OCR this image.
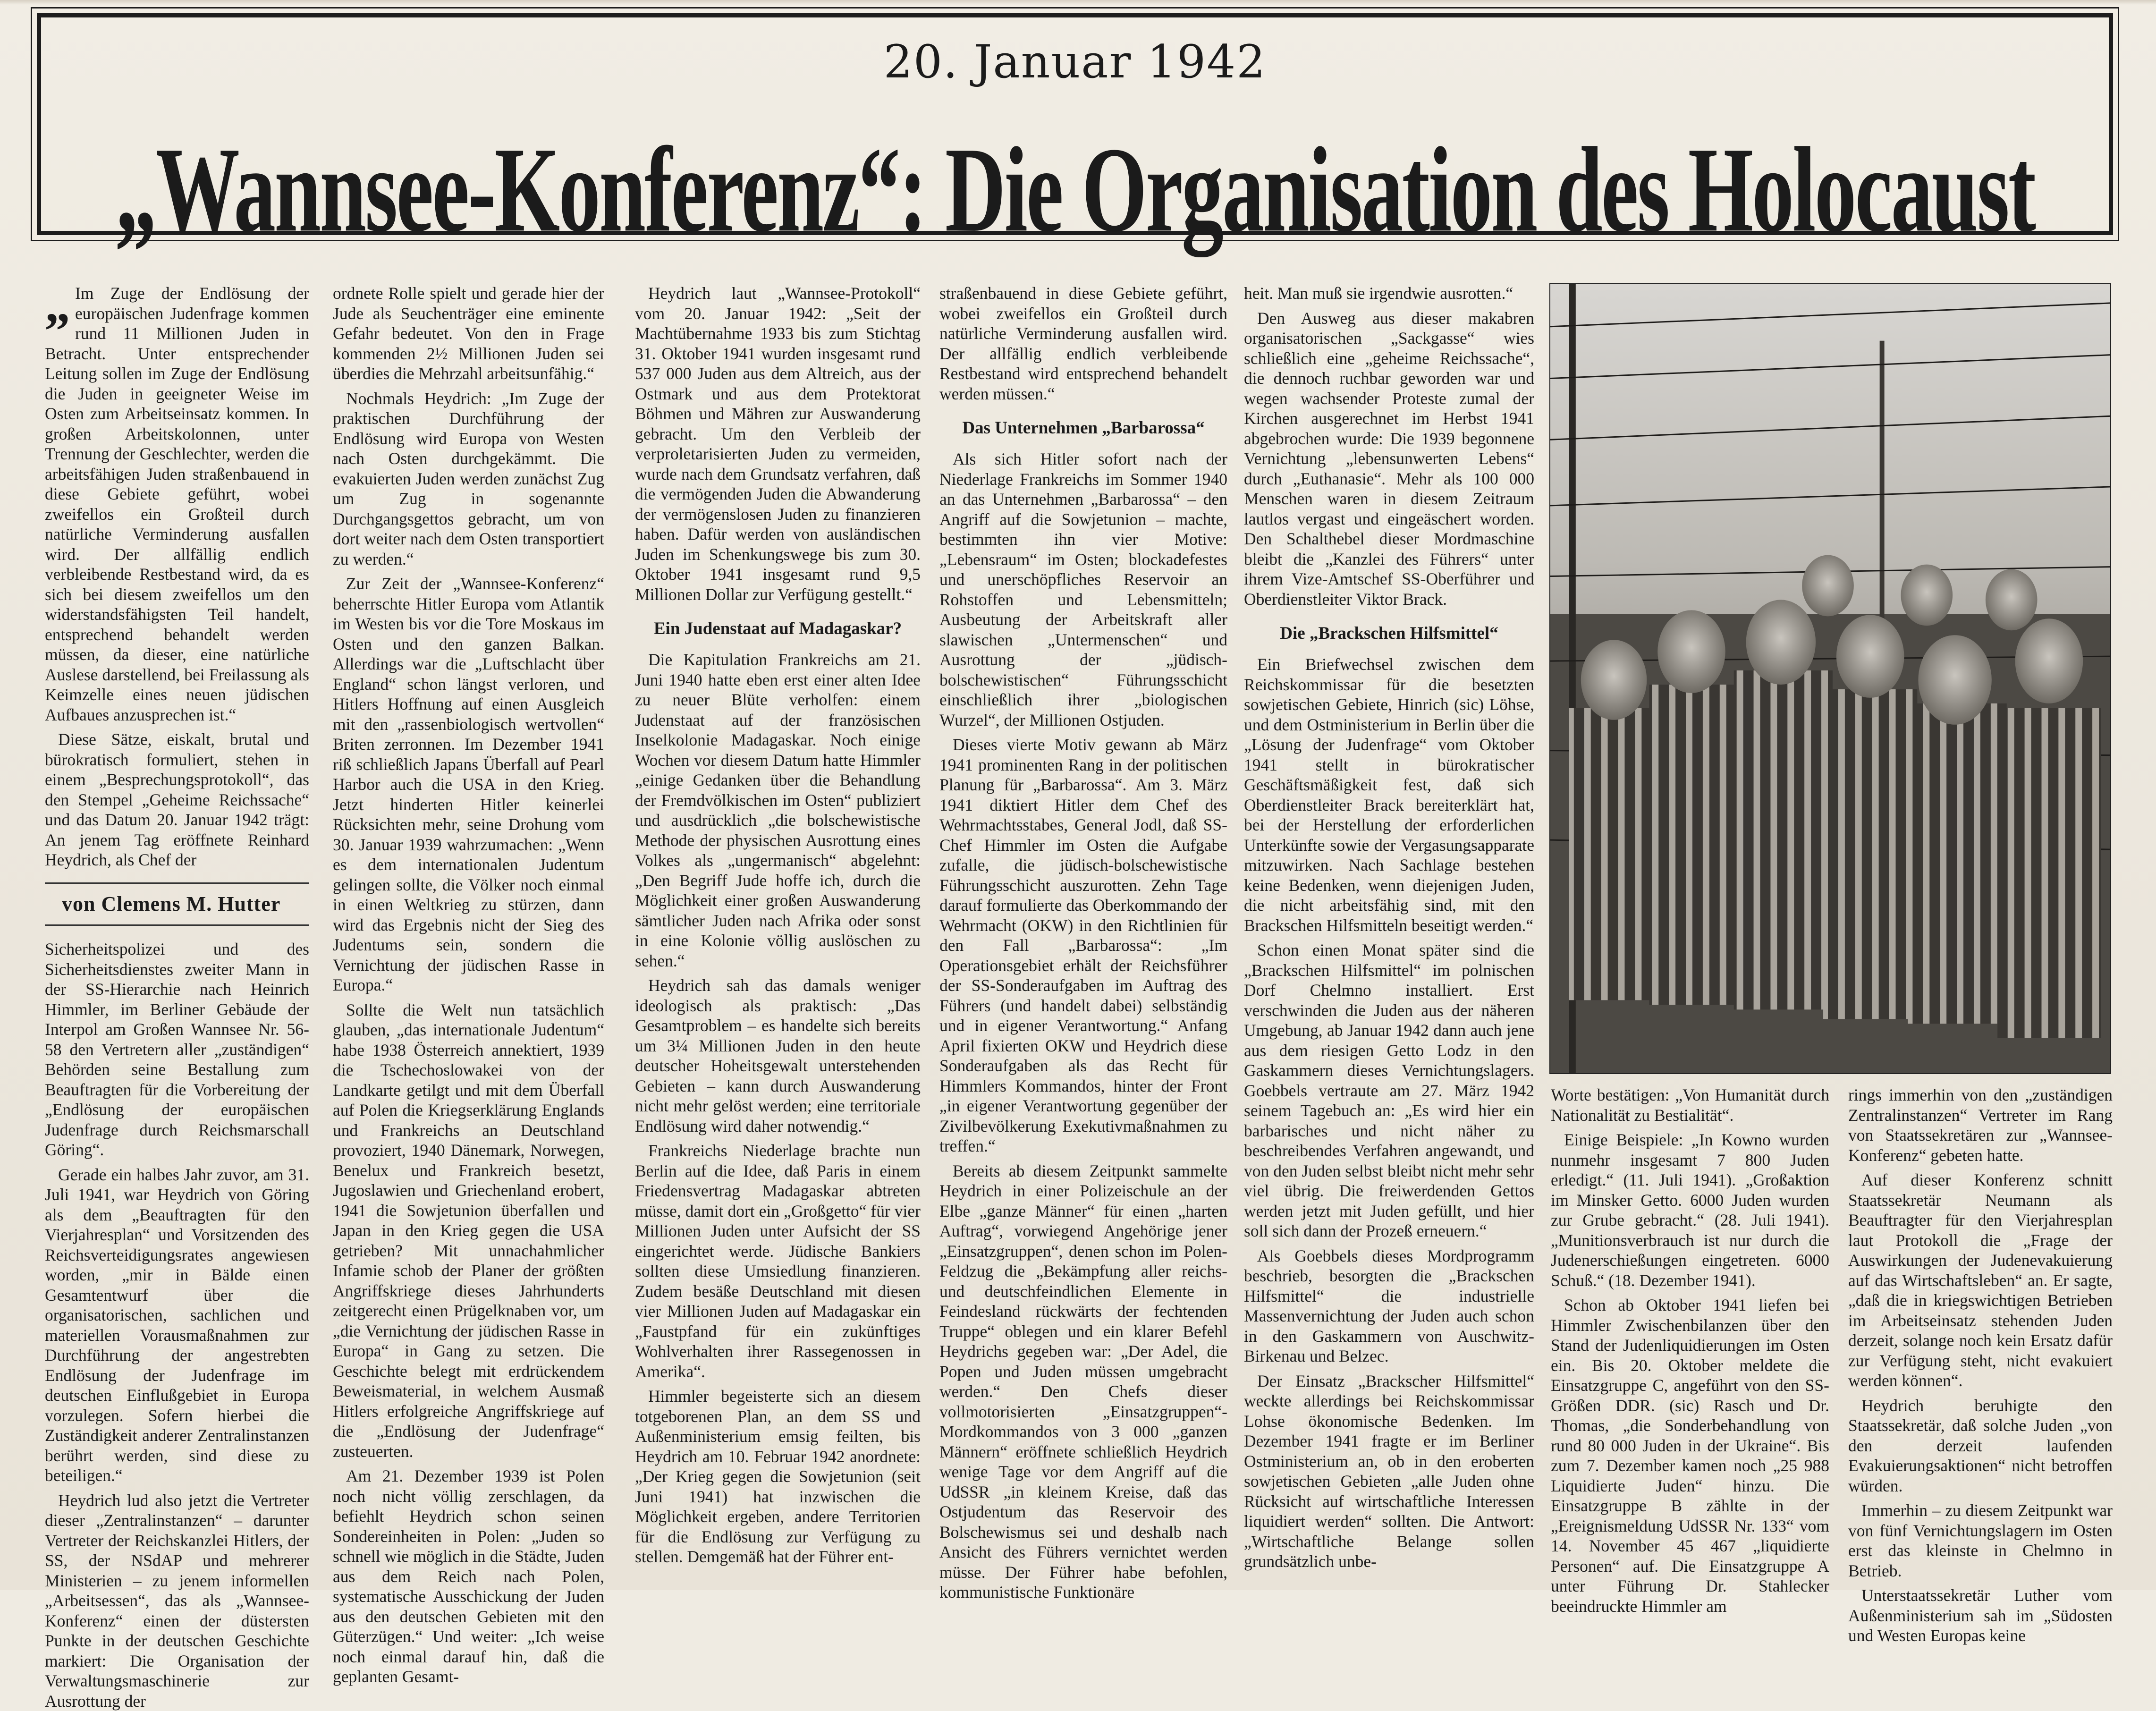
20. Januar 1942
„Wannsee-Konferenz“: Die Organisation des Holocaust

„ Im Zuge der Endlösung der europäischen Judenfrage kommen rund 11 Millionen Juden in Betracht. Unter entsprechender Leitung sollen im Zuge der Endlösung die Juden in geeigneter Weise im Osten zum Arbeitseinsatz kommen. In großen Arbeitskolonnen, unter Trennung der Geschlechter, werden die arbeitsfähigen Juden straßenbauend in diese Gebiete geführt, wobei zweifellos ein Großteil durch natürliche Verminderung ausfallen wird. Der allfällig endlich verbleibende Restbestand wird, da es sich bei diesem zweifellos um den widerstandsfähigsten Teil handelt, entsprechend behandelt werden müssen, da dieser, eine natürliche Auslese darstellend, bei Freilassung als Keimzelle eines neuen jüdischen Aufbaues anzusprechen ist.“

Diese Sätze, eiskalt, brutal und bürokratisch formuliert, stehen in einem „Besprechungsprotokoll“, das den Stempel „Geheime Reichssache“ und das Datum 20. Januar 1942 trägt: An jenem Tag eröffnete Reinhard Heydrich, als Chef der

von Clemens M. Hutter

Sicherheitspolizei und des Sicherheitsdienstes zweiter Mann in der SS-Hierarchie nach Heinrich Himmler, im Berliner Gebäude der Interpol am Großen Wannsee Nr. 56-58 den Vertretern aller „zuständigen“ Behörden seine Bestallung zum Beauftragten für die Vorbereitung der „Endlösung der europäischen Judenfrage durch Reichsmarschall Göring“.

Gerade ein halbes Jahr zuvor, am 31. Juli 1941, war Heydrich von Göring als dem „Beauftragten für den Vierjahresplan“ und Vorsitzenden des Reichsverteidigungsrates angewiesen worden, „mir in Bälde einen Gesamtentwurf über die organisatorischen, sachlichen und materiellen Vorausmaßnahmen zur Durchführung der angestrebten Endlösung der Judenfrage im deutschen Einflußgebiet in Europa vorzulegen. Sofern hierbei die Zuständigkeit anderer Zentralinstanzen berührt werden, sind diese zu beteiligen.“

Heydrich lud also jetzt die Vertreter dieser „Zentralinstanzen“ – darunter Vertreter der Reichskanzlei Hitlers, der SS, der NSdAP und mehrerer Ministerien – zu jenem informellen „Arbeitsessen“, das als „Wannsee-Konferenz“ einen der düstersten Punkte in der deutschen Geschichte markiert: Die Organisation der Verwaltungsmaschinerie zur Ausrottung der

ordnete Rolle spielt und gerade hier der Jude als Seuchenträger eine eminente Gefahr bedeutet. Von den in Frage kommenden 2½ Millionen Juden sei überdies die Mehrzahl arbeitsunfähig.“

Nochmals Heydrich: „Im Zuge der praktischen Durchführung der Endlösung wird Europa von Westen nach Osten durchgekämmt. Die evakuierten Juden werden zunächst Zug um Zug in sogenannte Durchgangsgettos gebracht, um von dort weiter nach dem Osten transportiert zu werden.“

Zur Zeit der „Wannsee-Konferenz“ beherrschte Hitler Europa vom Atlantik im Westen bis vor die Tore Moskaus im Osten und den ganzen Balkan. Allerdings war die „Luftschlacht über England“ schon längst verloren, und Hitlers Hoffnung auf einen Ausgleich mit den „rassenbiologisch wertvollen“ Briten zerronnen. Im Dezember 1941 riß schließlich Japans Überfall auf Pearl Harbor auch die USA in den Krieg. Jetzt hinderten Hitler keinerlei Rücksichten mehr, seine Drohung vom 30. Januar 1939 wahrzumachen: „Wenn es dem internationalen Judentum gelingen sollte, die Völker noch einmal in einen Weltkrieg zu stürzen, dann wird das Ergebnis nicht der Sieg des Judentums sein, sondern die Vernichtung der jüdischen Rasse in Europa.“

Sollte die Welt nun tatsächlich glauben, „das internationale Judentum“ habe 1938 Österreich annektiert, 1939 die Tschechoslowakei von der Landkarte getilgt und mit dem Überfall auf Polen die Kriegserklärung Englands und Frankreichs an Deutschland provoziert, 1940 Dänemark, Norwegen, Benelux und Frankreich besetzt, Jugoslawien und Griechenland erobert, 1941 die Sowjetunion überfallen und Japan in den Krieg gegen die USA getrieben? Mit unnachahmlicher Infamie schob der Planer der größten Angriffskriege dieses Jahrhunderts zeitgerecht einen Prügelknaben vor, um „die Vernichtung der jüdischen Rasse in Europa“ in Gang zu setzen. Die Geschichte belegt mit erdrückendem Beweismaterial, in welchem Ausmaß Hitlers erfolgreiche Angriffskriege auf die „Endlösung der Judenfrage“ zusteuerten.

Am 21. Dezember 1939 ist Polen noch nicht völlig zerschlagen, da befiehlt Heydrich schon seinen Sondereinheiten in Polen: „Juden so schnell wie möglich in die Städte, Juden aus dem Reich nach Polen, systematische Ausschickung der Juden aus den deutschen Gebieten mit den Güterzügen.“ Und weiter: „Ich weise noch einmal darauf hin, daß die geplanten Gesamt-

Heydrich laut „Wannsee-Protokoll“ vom 20. Januar 1942: „Seit der Machtübernahme 1933 bis zum Stichtag 31. Oktober 1941 wurden insgesamt rund 537 000 Juden aus dem Altreich, aus der Ostmark und aus dem Protektorat Böhmen und Mähren zur Auswanderung gebracht. Um den Verbleib der verproletarisierten Juden zu vermeiden, wurde nach dem Grundsatz verfahren, daß die vermögenden Juden die Abwanderung der vermögenslosen Juden zu finanzieren haben. Dafür werden von ausländischen Juden im Schenkungswege bis zum 30. Oktober 1941 insgesamt rund 9,5 Millionen Dollar zur Verfügung gestellt.“

Ein Judenstaat auf Madagaskar?

Die Kapitulation Frankreichs am 21. Juni 1940 hatte eben erst einer alten Idee zu neuer Blüte verholfen: einem Judenstaat auf der französischen Inselkolonie Madagaskar. Noch einige Wochen vor diesem Datum hatte Himmler „einige Gedanken über die Behandlung der Fremdvölkischen im Osten“ publiziert und ausdrücklich „die bolschewistische Methode der physischen Ausrottung eines Volkes als „ungermanisch“ abgelehnt: „Den Begriff Jude hoffe ich, durch die Möglichkeit einer großen Auswanderung sämtlicher Juden nach Afrika oder sonst in eine Kolonie völlig auslöschen zu sehen.“

Heydrich sah das damals weniger ideologisch als praktisch: „Das Gesamtproblem – es handelte sich bereits um 3¼ Millionen Juden in den heute deutscher Hoheitsgewalt unterstehenden Gebieten – kann durch Auswanderung nicht mehr gelöst werden; eine territoriale Endlösung wird daher notwendig.“

Frankreichs Niederlage brachte nun Berlin auf die Idee, daß Paris in einem Friedensvertrag Madagaskar abtreten müsse, damit dort ein „Großgetto“ für vier Millionen Juden unter Aufsicht der SS eingerichtet werde. Jüdische Bankiers sollten diese Umsiedlung finanzieren. Zudem besäße Deutschland mit diesen vier Millionen Juden auf Madagaskar ein „Faustpfand für ein zukünftiges Wohlverhalten ihrer Rassegenossen in Amerika“.

Himmler begeisterte sich an diesem totgeborenen Plan, an dem SS und Außenministerium emsig feilten, bis Heydrich am 10. Februar 1942 anordnete: „Der Krieg gegen die Sowjetunion (seit Juni 1941) hat inzwischen die Möglichkeit ergeben, andere Territorien für die Endlösung zur Verfügung zu stellen. Demgemäß hat der Führer ent-

straßenbauend in diese Gebiete geführt, wobei zweifellos ein Großteil durch natürliche Verminderung ausfallen wird. Der allfällig endlich verbleibende Restbestand wird entsprechend behandelt werden müssen.“

Das Unternehmen „Barbarossa“

Als sich Hitler sofort nach der Niederlage Frankreichs im Sommer 1940 an das Unternehmen „Barbarossa“ – den Angriff auf die Sowjetunion – machte, bestimmten ihn vier Motive: „Lebensraum“ im Osten; blockadefestes und unerschöpfliches Reservoir an Rohstoffen und Lebensmitteln; Ausbeutung der Arbeitskraft aller slawischen „Untermenschen“ und Ausrottung der „jüdisch-bolschewistischen“ Führungsschicht einschließlich ihrer „biologischen Wurzel“, der Millionen Ostjuden.

Dieses vierte Motiv gewann ab März 1941 prominenten Rang in der politischen Planung für „Barbarossa“. Am 3. März 1941 diktiert Hitler dem Chef des Wehrmachtsstabes, General Jodl, daß SS-Chef Himmler im Osten die Aufgabe zufalle, die jüdisch-bolschewistische Führungsschicht auszurotten. Zehn Tage darauf formulierte das Oberkommando der Wehrmacht (OKW) in den Richtlinien für den Fall „Barbarossa“: „Im Operationsgebiet erhält der Reichsführer der SS-Sonderaufgaben im Auftrag des Führers (und handelt dabei) selbständig und in eigener Verantwortung.“ Anfang April fixierten OKW und Heydrich diese Sonderaufgaben als das Recht für Himmlers Kommandos, hinter der Front „in eigener Verantwortung gegenüber der Zivilbevölkerung Exekutivmaßnahmen zu treffen.“

Bereits ab diesem Zeitpunkt sammelte Heydrich in einer Polizeischule an der Elbe „ganze Männer“ für einen „harten Auftrag“, vorwiegend Angehörige jener „Einsatzgruppen“, denen schon im Polen-Feldzug die „Bekämpfung aller reichs- und deutschfeindlichen Elemente in Feindesland rückwärts der fechtenden Truppe“ oblegen und ein klarer Befehl Heydrichs gegeben war: „Der Adel, die Popen und Juden müssen umgebracht werden.“ Den Chefs dieser vollmotorisierten „Einsatzgruppen“-Mordkommandos von 3 000 „ganzen Männern“ eröffnete schließlich Heydrich wenige Tage vor dem Angriff auf die UdSSR „in kleinem Kreise, daß das Ostjudentum das Reservoir des Bolschewismus sei und deshalb nach Ansicht des Führers vernichtet werden müsse. Der Führer habe befohlen, kommunistische Funktionäre

heit. Man muß sie irgendwie ausrotten.“

Den Ausweg aus dieser makabren organisatorischen „Sackgasse“ wies schließlich eine „geheime Reichssache“, die dennoch ruchbar geworden war und wegen wachsender Proteste zumal der Kirchen ausgerechnet im Herbst 1941 abgebrochen wurde: Die 1939 begonnene Vernichtung „lebensunwerten Lebens“ durch „Euthanasie“. Mehr als 100 000 Menschen waren in diesem Zeitraum lautlos vergast und eingeäschert worden. Den Schalthebel dieser Mordmaschine bleibt die „Kanzlei des Führers“ unter ihrem Vize-Amtschef SS-Oberführer und Oberdienstleiter Viktor Brack.

Die „Brackschen Hilfsmittel“

Ein Briefwechsel zwischen dem Reichskommissar für die besetzten sowjetischen Gebiete, Hinrich (sic) Löhse, und dem Ostministerium in Berlin über die „Lösung der Judenfrage“ vom Oktober 1941 stellt in bürokratischer Geschäftsmäßigkeit fest, daß sich Oberdienstleiter Brack bereiterklärt hat, bei der Herstellung der erforderlichen Unterkünfte sowie der Vergasungsapparate mitzuwirken. Nach Sachlage bestehen keine Bedenken, wenn diejenigen Juden, die nicht arbeitsfähig sind, mit den Brackschen Hilfsmitteln beseitigt werden.“

Schon einen Monat später sind die „Brackschen Hilfsmittel“ im polnischen Dorf Chelmno installiert. Erst verschwinden die Juden aus der näheren Umgebung, ab Januar 1942 dann auch jene aus dem riesigen Getto Lodz in den Gaskammern dieses Vernichtungslagers. Goebbels vertraute am 27. März 1942 seinem Tagebuch an: „Es wird hier ein barbarisches und nicht näher zu beschreibendes Verfahren angewandt, und von den Juden selbst bleibt nicht mehr sehr viel übrig. Die freiwerdenden Gettos werden jetzt mit Juden gefüllt, und hier soll sich dann der Prozeß erneuern.“

Als Goebbels dieses Mordprogramm beschrieb, besorgten die „Brackschen Hilfsmittel“ die industrielle Massenvernichtung der Juden auch schon in den Gaskammern von Auschwitz-Birkenau und Belzec.

Der Einsatz „Brackscher Hilfsmittel“ weckte allerdings bei Reichskommissar Lohse ökonomische Bedenken. Im Dezember 1941 fragte er im Berliner Ostministerium an, ob in den eroberten sowjetischen Gebieten „alle Juden ohne Rücksicht auf wirtschaftliche Interessen liquidiert werden“ sollten. Die Antwort: „Wirtschaftliche Belange sollen grundsätzlich unbe-

Worte bestätigen: „Von Humanität durch Nationalität zu Bestialität“.

Einige Beispiele: „In Kowno wurden nunmehr insgesamt 7 800 Juden erledigt.“ (11. Juli 1941). „Großaktion im Minsker Getto. 6000 Juden wurden zur Grube gebracht.“ (28. Juli 1941). „Munitionsverbrauch ist nur durch die Judenerschießungen eingetreten. 6000 Schuß.“ (18. Dezember 1941).

Schon ab Oktober 1941 liefen bei Himmler Zwischenbilanzen über den Stand der Judenliquidierungen im Osten ein. Bis 20. Oktober meldete die Einsatzgruppe C, angeführt von den SS-Größen DDR. (sic) Rasch und Dr. Thomas, „die Sonderbehandlung von rund 80 000 Juden in der Ukraine“. Bis zum 7. Dezember kamen noch „25 988 Liquidierte Juden“ hinzu. Die Einsatzgruppe B zählte in der „Ereignismeldung UdSSR Nr. 133“ vom 14. November 45 467 „liquidierte Personen“ auf. Die Einsatzgruppe A unter Führung Dr. Stahlecker beeindruckte Himmler am

rings immerhin von den „zuständigen Zentralinstanzen“ Vertreter im Rang von Staatssekretären zur „Wannsee-Konferenz“ gebeten hatte.

Auf dieser Konferenz schnitt Staatssekretär Neumann als Beauftragter für den Vierjahresplan laut Protokoll die „Frage der Auswirkungen der Judenevakuierung auf das Wirtschaftsleben“ an. Er sagte, „daß die in kriegswichtigen Betrieben im Arbeitseinsatz stehenden Juden derzeit, solange noch kein Ersatz dafür zur Verfügung steht, nicht evakuiert werden können“.

Heydrich beruhigte den Staatssekretär, daß solche Juden „von den derzeit laufenden Evakuierungsaktionen“ nicht betroffen würden.

Immerhin – zu diesem Zeitpunkt war von fünf Vernichtungslagern im Osten erst das kleinste in Chelmno in Betrieb.

Unterstaatssekretär Luther vom Außenministerium sah im „Südosten und Westen Europas keine
